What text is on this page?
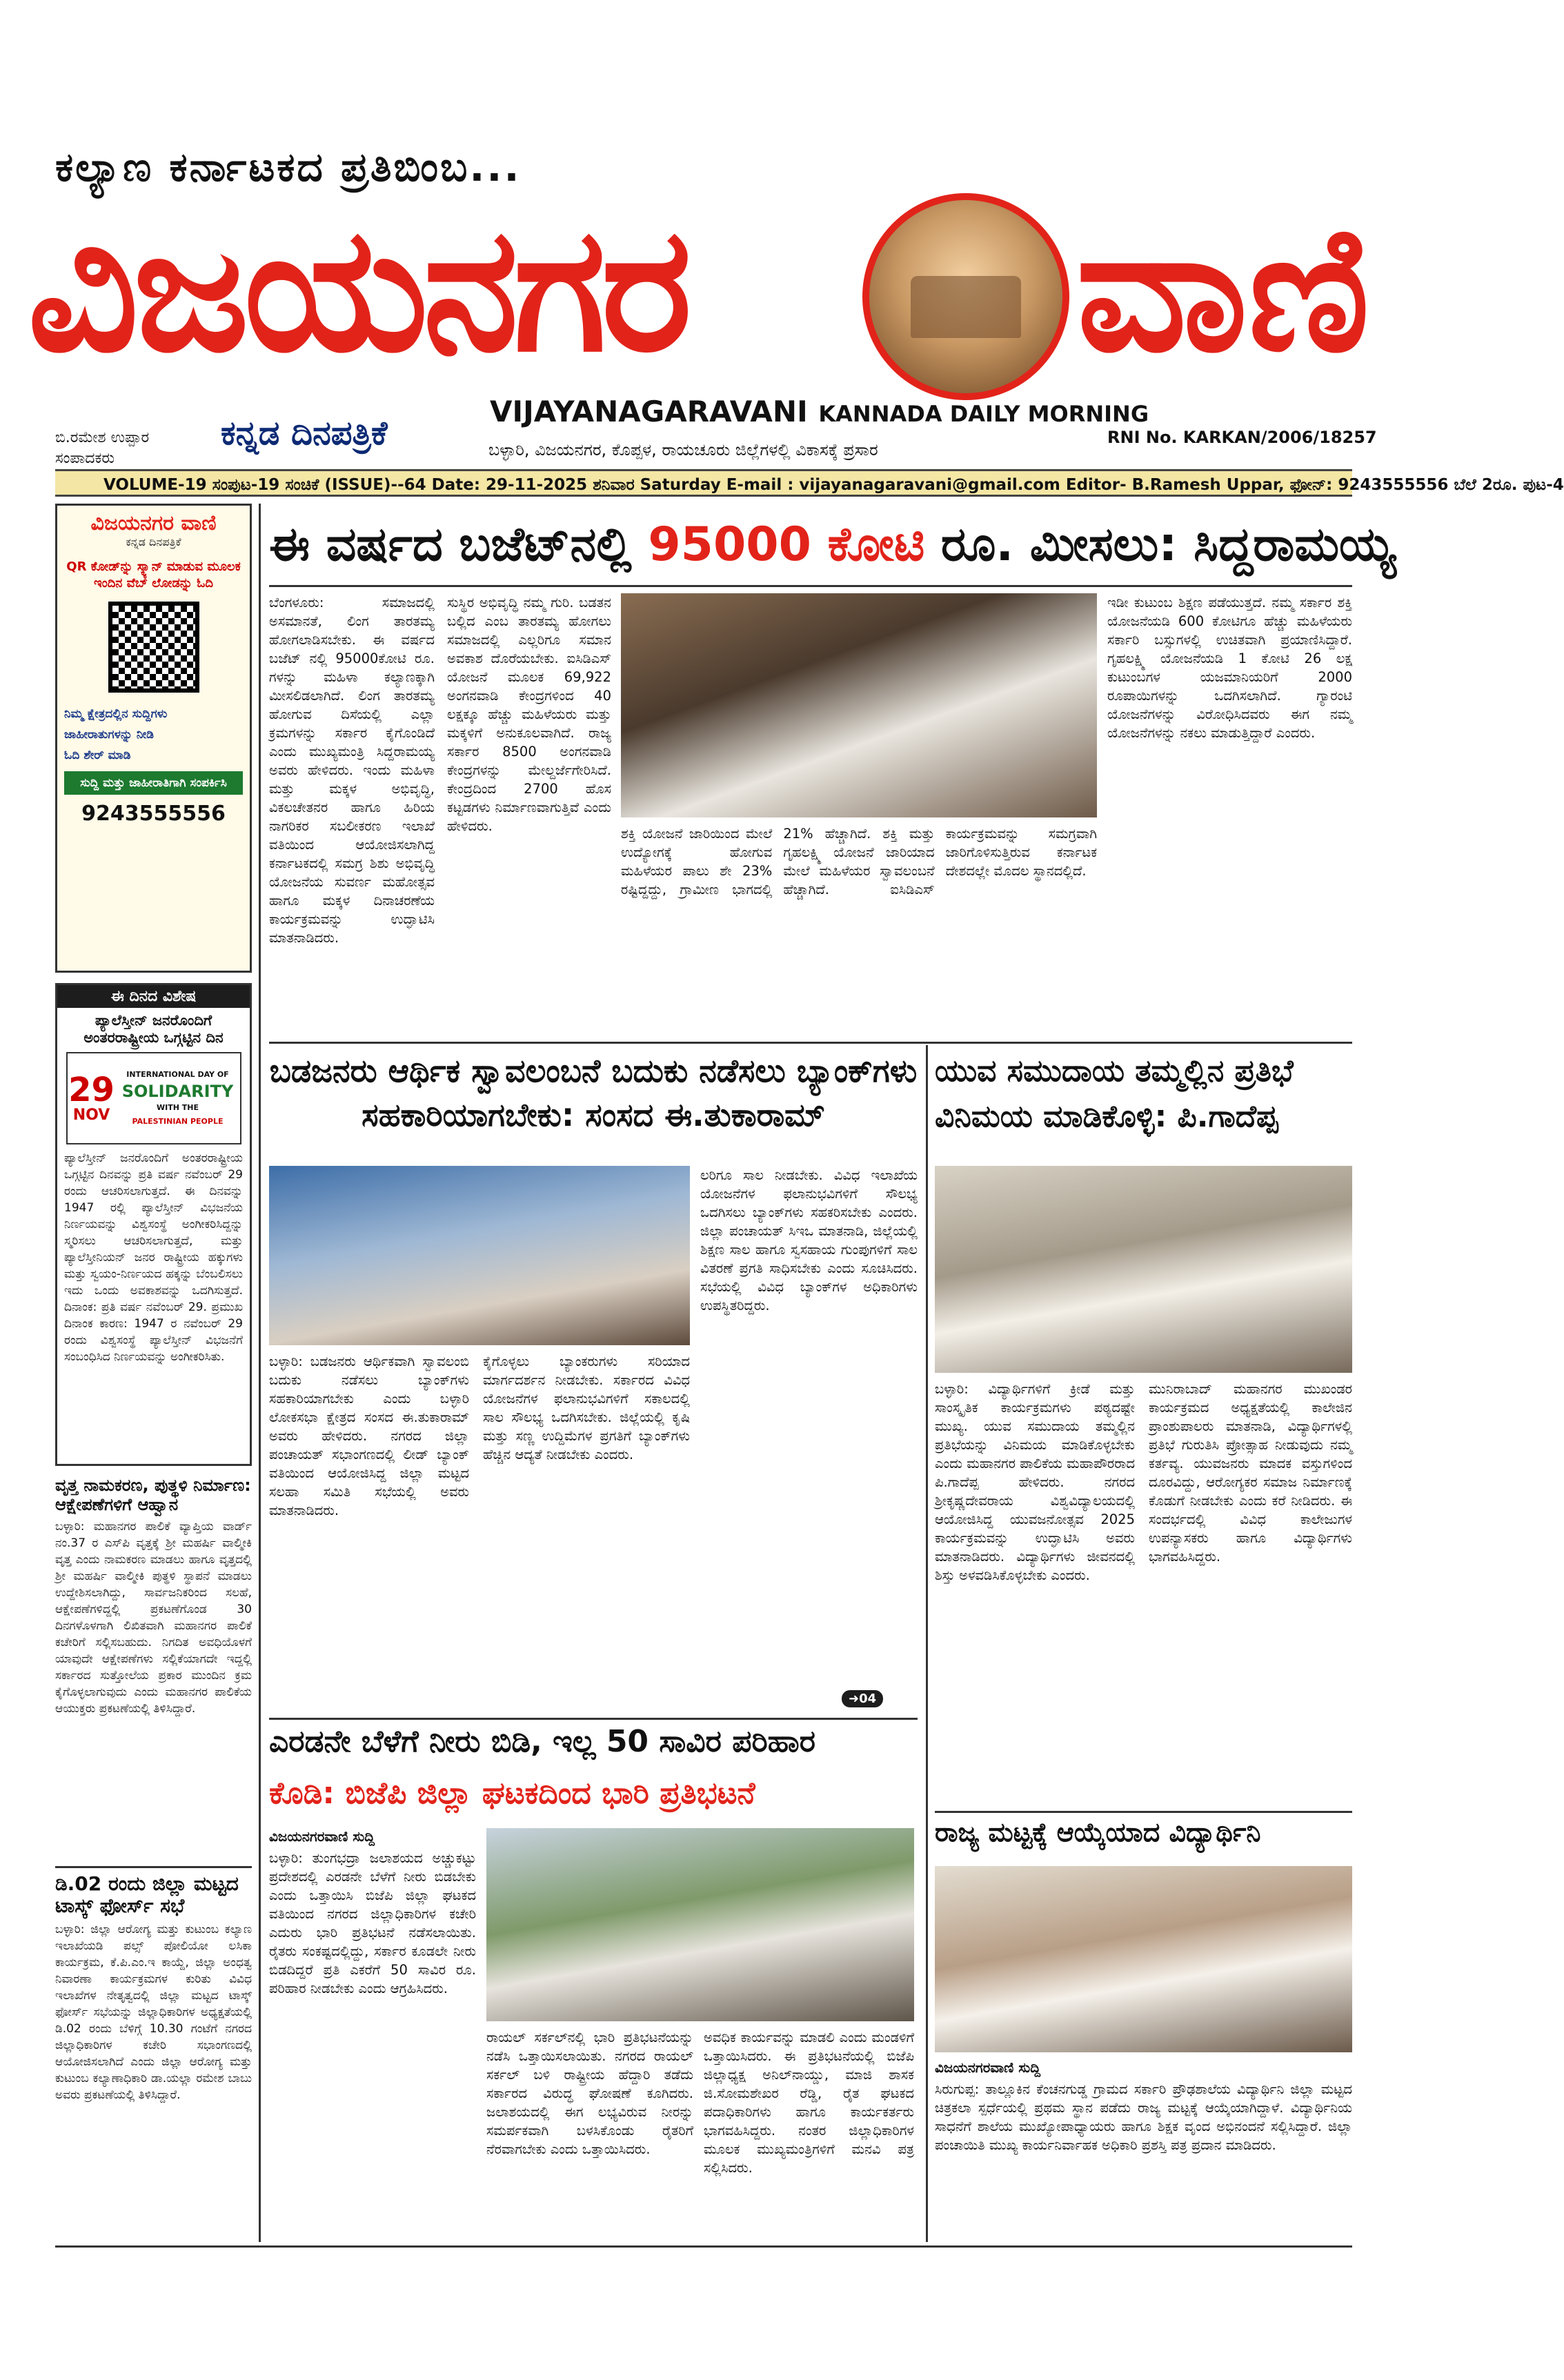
ಕಲ್ಯಾಣ ಕರ್ನಾಟಕದ ಪ್ರತಿಬಿಂಬ...
ವಿಜಯನಗರ	ವಾಣಿ
ಬಿ.ರಮೇಶ ಉಪ್ಪಾರ
ಸಂಪಾದಕರು
ಕನ್ನಡ ದಿನಪತ್ರಿಕೆ
VIJAYANAGARAVANI KANNADA DAILY MORNING
ಬಳ್ಳಾರಿ, ವಿಜಯನಗರ, ಕೊಪ್ಪಳ, ರಾಯಚೂರು ಜಿಲ್ಲೆಗಳಲ್ಲಿ ವಿಕಾಸಕ್ಕೆ ಪ್ರಸಾರ
RNI No. KARKAN/2006/18257
VOLUME-19 ಸಂಪುಟ-19 ಸಂಚಿಕೆ (ISSUE)--64 Date: 29-11-2025 ಶನಿವಾರ Saturday E-mail : vijayanagaravani@gmail.com Editor- B.Ramesh Uppar, ಫೋನ್: 9243555556 ಬೆಲೆ 2ರೂ. ಪುಟ-4
ವಿಜಯನಗರ ವಾಣಿ
ಕನ್ನಡ ದಿನಪತ್ರಿಕೆ
QR ಕೋಡ್‌ನ್ನು ಸ್ಕ್ಯಾನ್ ಮಾಡುವ ಮೂಲಕ ಇಂದಿನ ವೆಬ್ ಲೋಡನ್ನು ಓದಿ
ನಿಮ್ಮ ಕ್ಷೇತ್ರದಲ್ಲಿನ ಸುದ್ದಿಗಳು
ಜಾಹೀರಾತುಗಳನ್ನು ನೀಡಿ
ಓದಿ ಶೇರ್ ಮಾಡಿ
ಸುದ್ದಿ ಮತ್ತು ಜಾಹೀರಾತಿಗಾಗಿ ಸಂಪರ್ಕಿಸಿ
9243555556
ಈ ದಿನದ ವಿಶೇಷ
ಪ್ಯಾಲೆಸ್ತೀನ್ ಜನರೊಂದಿಗೆ
ಅಂತರರಾಷ್ಟ್ರೀಯ ಒಗ್ಗಟ್ಟಿನ ದಿನ
29
NOV
INTERNATIONAL DAY OF
SOLIDARITY
WITH THE
PALESTINIAN PEOPLE
ಪ್ಯಾಲೆಸ್ತೀನ್ ಜನರೊಂದಿಗೆ ಅಂತರರಾಷ್ಟ್ರೀಯ ಒಗ್ಗಟ್ಟಿನ ದಿನವನ್ನು ಪ್ರತಿ ವರ್ಷ ನವೆಂಬರ್ 29 ರಂದು ಆಚರಿಸಲಾಗುತ್ತದೆ. ಈ ದಿನವನ್ನು 1947 ರಲ್ಲಿ ಪ್ಯಾಲೆಸ್ತೀನ್ ವಿಭಜನೆಯ ನಿರ್ಣಯವನ್ನು ವಿಶ್ವಸಂಸ್ಥೆ ಅಂಗೀಕರಿಸಿದ್ದನ್ನು ಸ್ಮರಿಸಲು ಆಚರಿಸಲಾಗುತ್ತದೆ, ಮತ್ತು ಪ್ಯಾಲೆಸ್ತೀನಿಯನ್ ಜನರ ರಾಷ್ಟ್ರೀಯ ಹಕ್ಕುಗಳು ಮತ್ತು ಸ್ವಯಂ-ನಿರ್ಣಯದ ಹಕ್ಕನ್ನು ಬೆಂಬಲಿಸಲು ಇದು ಒಂದು ಅವಕಾಶವನ್ನು ಒದಗಿಸುತ್ತದೆ. ದಿನಾಂಕ: ಪ್ರತಿ ವರ್ಷ ನವೆಂಬರ್ 29. ಪ್ರಮುಖ ದಿನಾಂಕ ಕಾರಣ: 1947 ರ ನವೆಂಬರ್ 29 ರಂದು ವಿಶ್ವಸಂಸ್ಥೆ ಪ್ಯಾಲೆಸ್ತೀನ್ ವಿಭಜನೆಗೆ ಸಂಬಂಧಿಸಿದ ನಿರ್ಣಯವನ್ನು ಅಂಗೀಕರಿಸಿತು.
ವೃತ್ತ ನಾಮಕರಣ, ಪುತ್ಥಳಿ ನಿರ್ಮಾಣ: ಆಕ್ಷೇಪಣೆಗಳಿಗೆ ಆಹ್ವಾನ
ಬಳ್ಳಾರಿ: ಮಹಾನಗರ ಪಾಲಿಕೆ ವ್ಯಾಪ್ತಿಯ ವಾರ್ಡ್ ನಂ.37 ರ ಎಸ್‌ಪಿ ವೃತ್ತಕ್ಕೆ ಶ್ರೀ ಮಹರ್ಷಿ ವಾಲ್ಮೀಕಿ ವೃತ್ತ ಎಂದು ನಾಮಕರಣ ಮಾಡಲು ಹಾಗೂ ವೃತ್ತದಲ್ಲಿ ಶ್ರೀ ಮಹರ್ಷಿ ವಾಲ್ಮೀಕಿ ಪುತ್ಥಳಿ ಸ್ಥಾಪನೆ ಮಾಡಲು ಉದ್ದೇಶಿಸಲಾಗಿದ್ದು, ಸಾರ್ವಜನಿಕರಿಂದ ಸಲಹೆ, ಆಕ್ಷೇಪಣೆಗಳಿದ್ದಲ್ಲಿ ಪ್ರಕಟಣೆಗೊಂಡ 30 ದಿನಗಳೊಳಗಾಗಿ ಲಿಖಿತವಾಗಿ ಮಹಾನಗರ ಪಾಲಿಕೆ ಕಚೇರಿಗೆ ಸಲ್ಲಿಸಬಹುದು. ನಿಗದಿತ ಅವಧಿಯೊಳಗೆ ಯಾವುದೇ ಆಕ್ಷೇಪಣೆಗಳು ಸಲ್ಲಿಕೆಯಾಗದೇ ಇದ್ದಲ್ಲಿ ಸರ್ಕಾರದ ಸುತ್ತೋಲೆಯ ಪ್ರಕಾರ ಮುಂದಿನ ಕ್ರಮ ಕೈಗೊಳ್ಳಲಾಗುವುದು ಎಂದು ಮಹಾನಗರ ಪಾಲಿಕೆಯ ಆಯುಕ್ತರು ಪ್ರಕಟಣೆಯಲ್ಲಿ ತಿಳಿಸಿದ್ದಾರೆ.
ಡಿ.02 ರಂದು ಜಿಲ್ಲಾ ಮಟ್ಟದ ಟಾಸ್ಕ್ ಫೋರ್ಸ್ ಸಭೆ
ಬಳ್ಳಾರಿ: ಜಿಲ್ಲಾ ಆರೋಗ್ಯ ಮತ್ತು ಕುಟುಂಬ ಕಲ್ಯಾಣ ಇಲಾಖೆಯಡಿ ಪಲ್ಸ್ ಪೋಲಿಯೋ ಲಸಿಕಾ ಕಾರ್ಯಕ್ರಮ, ಕೆ.ಪಿ.ಎಂ.ಇ ಕಾಯ್ದೆ, ಜಿಲ್ಲಾ ಅಂಧತ್ವ ನಿವಾರಣಾ ಕಾರ್ಯಕ್ರಮಗಳ ಕುರಿತು ವಿವಿಧ ಇಲಾಖೆಗಳ ನೇತೃತ್ವದಲ್ಲಿ ಜಿಲ್ಲಾ ಮಟ್ಟದ ಟಾಸ್ಕ್ ಫೋರ್ಸ್ ಸಭೆಯನ್ನು ಜಿಲ್ಲಾಧಿಕಾರಿಗಳ ಅಧ್ಯಕ್ಷತೆಯಲ್ಲಿ ಡಿ.02 ರಂದು ಬೆಳಿಗ್ಗೆ 10.30 ಗಂಟೆಗೆ ನಗರದ ಜಿಲ್ಲಾಧಿಕಾರಿಗಳ ಕಚೇರಿ ಸಭಾಂಗಣದಲ್ಲಿ ಆಯೋಜಿಸಲಾಗಿದೆ ಎಂದು ಜಿಲ್ಲಾ ಆರೋಗ್ಯ ಮತ್ತು ಕುಟುಂಬ ಕಲ್ಯಾಣಾಧಿಕಾರಿ ಡಾ.ಯಲ್ಲಾ ರಮೇಶ ಬಾಬು ಅವರು ಪ್ರಕಟಣೆಯಲ್ಲಿ ತಿಳಿಸಿದ್ದಾರೆ.
ಈ ವರ್ಷದ ಬಜೆಟ್‌ನಲ್ಲಿ 95000 ಕೋಟಿ ರೂ. ಮೀಸಲು: ಸಿದ್ದರಾಮಯ್ಯ
ಬೆಂಗಳೂರು: ಸಮಾಜದಲ್ಲಿ ಅಸಮಾನತೆ, ಲಿಂಗ ತಾರತಮ್ಯ ಹೋಗಲಾಡಿಸಬೇಕು. ಈ ವರ್ಷದ ಬಜೆಟ್ ನಲ್ಲಿ 95000ಕೋಟಿ ರೂ. ಗಳನ್ನು ಮಹಿಳಾ ಕಲ್ಯಾಣಕ್ಕಾಗಿ ಮೀಸಲಿಡಲಾಗಿದೆ. ಲಿಂಗ ತಾರತಮ್ಯ ಹೋಗುವ ದಿಸೆಯಲ್ಲಿ ಎಲ್ಲಾ ಕ್ರಮಗಳನ್ನು ಸರ್ಕಾರ ಕೈಗೊಂಡಿದೆ ಎಂದು ಮುಖ್ಯಮಂತ್ರಿ ಸಿದ್ದರಾಮಯ್ಯ ಅವರು ಹೇಳಿದರು. ಇಂದು ಮಹಿಳಾ ಮತ್ತು ಮಕ್ಕಳ ಅಭಿವೃದ್ಧಿ, ವಿಕಲಚೇತನರ ಹಾಗೂ ಹಿರಿಯ ನಾಗರಿಕರ ಸಬಲೀಕರಣ ಇಲಾಖೆ ವತಿಯಿಂದ ಆಯೋಜಿಸಲಾಗಿದ್ದ ಕರ್ನಾಟಕದಲ್ಲಿ ಸಮಗ್ರ ಶಿಶು ಅಭಿವೃದ್ಧಿ ಯೋಜನೆಯ ಸುವರ್ಣ ಮಹೋತ್ಸವ ಹಾಗೂ ಮಕ್ಕಳ ದಿನಾಚರಣೆಯ ಕಾರ್ಯಕ್ರಮವನ್ನು ಉದ್ಘಾಟಿಸಿ ಮಾತನಾಡಿದರು.
ಸುಸ್ಥಿರ ಅಭಿವೃದ್ಧಿ ನಮ್ಮ ಗುರಿ. ಬಡತನ ಬಲ್ಲಿದ ಎಂಬ ತಾರತಮ್ಯ ಹೋಗಲು ಸಮಾಜದಲ್ಲಿ ಎಲ್ಲರಿಗೂ ಸಮಾನ ಅವಕಾಶ ದೊರೆಯಬೇಕು. ಐಸಿಡಿಎಸ್ ಯೋಜನೆ ಮೂಲಕ 69,922 ಅಂಗನವಾಡಿ ಕೇಂದ್ರಗಳಿಂದ 40 ಲಕ್ಷಕ್ಕೂ ಹೆಚ್ಚು ಮಹಿಳೆಯರು ಮತ್ತು ಮಕ್ಕಳಿಗೆ ಅನುಕೂಲವಾಗಿದೆ. ರಾಜ್ಯ ಸರ್ಕಾರ 8500 ಅಂಗನವಾಡಿ ಕೇಂದ್ರಗಳನ್ನು ಮೇಲ್ದರ್ಜೆಗೇರಿಸಿದೆ. ಕೇಂದ್ರದಿಂದ 2700 ಹೊಸ ಕಟ್ಟಡಗಳು ನಿರ್ಮಾಣವಾಗುತ್ತಿವೆ ಎಂದು ಹೇಳಿದರು.	ಶಕ್ತಿ ಯೋಜನೆ ಜಾರಿಯಿಂದ ಮೇಲೆ ಉದ್ಯೋಗಕ್ಕೆ ಹೋಗುವ ಮಹಿಳೆಯರ ಪಾಲು ಶೇ 23% ರಷ್ಟಿದ್ದದ್ದು, ಗ್ರಾಮೀಣ ಭಾಗದಲ್ಲಿ 21% ಹೆಚ್ಚಾಗಿದೆ. ಶಕ್ತಿ ಮತ್ತು ಗೃಹಲಕ್ಷ್ಮಿ ಯೋಜನೆ ಜಾರಿಯಾದ ಮೇಲೆ ಮಹಿಳೆಯರ ಸ್ವಾವಲಂಬನೆ ಹೆಚ್ಚಾಗಿದೆ. ಐಸಿಡಿಎಸ್ ಕಾರ್ಯಕ್ರಮವನ್ನು ಸಮಗ್ರವಾಗಿ ಜಾರಿಗೊಳಿಸುತ್ತಿರುವ ಕರ್ನಾಟಕ ದೇಶದಲ್ಲೇ ಮೊದಲ ಸ್ಥಾನದಲ್ಲಿದೆ.
ಇಡೀ ಕುಟುಂಬ ಶಿಕ್ಷಣ ಪಡೆಯುತ್ತದೆ. ನಮ್ಮ ಸರ್ಕಾರ ಶಕ್ತಿ ಯೋಜನೆಯಡಿ 600 ಕೋಟಿಗೂ ಹೆಚ್ಚು ಮಹಿಳೆಯರು ಸರ್ಕಾರಿ ಬಸ್ಸುಗಳಲ್ಲಿ ಉಚಿತವಾಗಿ ಪ್ರಯಾಣಿಸಿದ್ದಾರೆ. ಗೃಹಲಕ್ಷ್ಮಿ ಯೋಜನೆಯಡಿ 1 ಕೋಟಿ 26 ಲಕ್ಷ ಕುಟುಂಬಗಳ ಯಜಮಾನಿಯರಿಗೆ 2000 ರೂಪಾಯಿಗಳನ್ನು ಒದಗಿಸಲಾಗಿದೆ. ಗ್ಯಾರಂಟಿ ಯೋಜನೆಗಳನ್ನು ವಿರೋಧಿಸಿದವರು ಈಗ ನಮ್ಮ ಯೋಜನೆಗಳನ್ನು ನಕಲು ಮಾಡುತ್ತಿದ್ದಾರೆ ಎಂದರು.
ಬಡಜನರು ಆರ್ಥಿಕ ಸ್ವಾವಲಂಬನೆ ಬದುಕು ನಡೆಸಲು ಬ್ಯಾಂಕ್‌ಗಳು ಸಹಕಾರಿಯಾಗಬೇಕು: ಸಂಸದ ಈ.ತುಕಾರಾಮ್
ಬಳ್ಳಾರಿ: ಬಡಜನರು ಆರ್ಥಿಕವಾಗಿ ಸ್ವಾವಲಂಬಿ ಬದುಕು ನಡೆಸಲು ಬ್ಯಾಂಕ್‌ಗಳು ಸಹಕಾರಿಯಾಗಬೇಕು ಎಂದು ಬಳ್ಳಾರಿ ಲೋಕಸಭಾ ಕ್ಷೇತ್ರದ ಸಂಸದ ಈ.ತುಕಾರಾಮ್ ಅವರು ಹೇಳಿದರು. ನಗರದ ಜಿಲ್ಲಾ ಪಂಚಾಯತ್ ಸಭಾಂಗಣದಲ್ಲಿ ಲೀಡ್ ಬ್ಯಾಂಕ್ ವತಿಯಿಂದ ಆಯೋಜಿಸಿದ್ದ ಜಿಲ್ಲಾ ಮಟ್ಟದ ಸಲಹಾ ಸಮಿತಿ ಸಭೆಯಲ್ಲಿ ಅವರು ಮಾತನಾಡಿದರು.
ಕೈಗೊಳ್ಳಲು ಬ್ಯಾಂಕರುಗಳು ಸರಿಯಾದ ಮಾರ್ಗದರ್ಶನ ನೀಡಬೇಕು. ಸರ್ಕಾರದ ವಿವಿಧ ಯೋಜನೆಗಳ ಫಲಾನುಭವಿಗಳಿಗೆ ಸಕಾಲದಲ್ಲಿ ಸಾಲ ಸೌಲಭ್ಯ ಒದಗಿಸಬೇಕು. ಜಿಲ್ಲೆಯಲ್ಲಿ ಕೃಷಿ ಮತ್ತು ಸಣ್ಣ ಉದ್ದಿಮೆಗಳ ಪ್ರಗತಿಗೆ ಬ್ಯಾಂಕ್‌ಗಳು ಹೆಚ್ಚಿನ ಆದ್ಯತೆ ನೀಡಬೇಕು ಎಂದರು.
ಲರಿಗೂ ಸಾಲ ನೀಡಬೇಕು. ವಿವಿಧ ಇಲಾಖೆಯ ಯೋಜನೆಗಳ ಫಲಾನುಭವಿಗಳಿಗೆ ಸೌಲಭ್ಯ ಒದಗಿಸಲು ಬ್ಯಾಂಕ್‌ಗಳು ಸಹಕರಿಸಬೇಕು ಎಂದರು. ಜಿಲ್ಲಾ ಪಂಚಾಯತ್ ಸಿಇಒ ಮಾತನಾಡಿ, ಜಿಲ್ಲೆಯಲ್ಲಿ ಶಿಕ್ಷಣ ಸಾಲ ಹಾಗೂ ಸ್ವಸಹಾಯ ಗುಂಪುಗಳಿಗೆ ಸಾಲ ವಿತರಣೆ ಪ್ರಗತಿ ಸಾಧಿಸಬೇಕು ಎಂದು ಸೂಚಿಸಿದರು. ಸಭೆಯಲ್ಲಿ ವಿವಿಧ ಬ್ಯಾಂಕ್‌ಗಳ ಅಧಿಕಾರಿಗಳು ಉಪಸ್ಥಿತರಿದ್ದರು.
➜04
ಯುವ ಸಮುದಾಯ ತಮ್ಮಲ್ಲಿನ ಪ್ರತಿಭೆ ವಿನಿಮಯ ಮಾಡಿಕೊಳ್ಳಿ: ಪಿ.ಗಾದೆಪ್ಪ
ಬಳ್ಳಾರಿ: ವಿದ್ಯಾರ್ಥಿಗಳಿಗೆ ಕ್ರೀಡೆ ಮತ್ತು ಸಾಂಸ್ಕೃತಿಕ ಕಾರ್ಯಕ್ರಮಗಳು ಪಠ್ಯದಷ್ಟೇ ಮುಖ್ಯ. ಯುವ ಸಮುದಾಯ ತಮ್ಮಲ್ಲಿನ ಪ್ರತಿಭೆಯನ್ನು ವಿನಿಮಯ ಮಾಡಿಕೊಳ್ಳಬೇಕು ಎಂದು ಮಹಾನಗರ ಪಾಲಿಕೆಯ ಮಹಾಪೌರರಾದ ಪಿ.ಗಾದೆಪ್ಪ ಹೇಳಿದರು. ನಗರದ ಶ್ರೀಕೃಷ್ಣದೇವರಾಯ ವಿಶ್ವವಿದ್ಯಾಲಯದಲ್ಲಿ ಆಯೋಜಿಸಿದ್ದ ಯುವಜನೋತ್ಸವ 2025 ಕಾರ್ಯಕ್ರಮವನ್ನು ಉದ್ಘಾಟಿಸಿ ಅವರು ಮಾತನಾಡಿದರು. ವಿದ್ಯಾರ್ಥಿಗಳು ಜೀವನದಲ್ಲಿ ಶಿಸ್ತು ಅಳವಡಿಸಿಕೊಳ್ಳಬೇಕು ಎಂದರು.
ಮುನಿರಾಬಾದ್ ಮಹಾನಗರ ಮುಖಂಡರ ಕಾರ್ಯಕ್ರಮದ ಅಧ್ಯಕ್ಷತೆಯಲ್ಲಿ ಕಾಲೇಜಿನ ಪ್ರಾಂಶುಪಾಲರು ಮಾತನಾಡಿ, ವಿದ್ಯಾರ್ಥಿಗಳಲ್ಲಿ ಪ್ರತಿಭೆ ಗುರುತಿಸಿ ಪ್ರೋತ್ಸಾಹ ನೀಡುವುದು ನಮ್ಮ ಕರ್ತವ್ಯ. ಯುವಜನರು ಮಾದಕ ವಸ್ತುಗಳಿಂದ ದೂರವಿದ್ದು, ಆರೋಗ್ಯಕರ ಸಮಾಜ ನಿರ್ಮಾಣಕ್ಕೆ ಕೊಡುಗೆ ನೀಡಬೇಕು ಎಂದು ಕರೆ ನೀಡಿದರು. ಈ ಸಂದರ್ಭದಲ್ಲಿ ವಿವಿಧ ಕಾಲೇಜುಗಳ ಉಪನ್ಯಾಸಕರು ಹಾಗೂ ವಿದ್ಯಾರ್ಥಿಗಳು ಭಾಗವಹಿಸಿದ್ದರು.
ರಾಜ್ಯ ಮಟ್ಟಕ್ಕೆ ಆಯ್ಕೆಯಾದ ವಿದ್ಯಾರ್ಥಿನಿ
ವಿಜಯನಗರವಾಣಿ ಸುದ್ದಿ
ಸಿರುಗುಪ್ಪ: ತಾಲ್ಲೂಕಿನ ಕೆಂಚನಗುಡ್ಡ ಗ್ರಾಮದ ಸರ್ಕಾರಿ ಪ್ರೌಢಶಾಲೆಯ ವಿದ್ಯಾರ್ಥಿನಿ ಜಿಲ್ಲಾ ಮಟ್ಟದ ಚಿತ್ರಕಲಾ ಸ್ಪರ್ಧೆಯಲ್ಲಿ ಪ್ರಥಮ ಸ್ಥಾನ ಪಡೆದು ರಾಜ್ಯ ಮಟ್ಟಕ್ಕೆ ಆಯ್ಕೆಯಾಗಿದ್ದಾಳೆ. ವಿದ್ಯಾರ್ಥಿನಿಯ ಸಾಧನೆಗೆ ಶಾಲೆಯ ಮುಖ್ಯೋಪಾಧ್ಯಾಯರು ಹಾಗೂ ಶಿಕ್ಷಕ ವೃಂದ ಅಭಿನಂದನೆ ಸಲ್ಲಿಸಿದ್ದಾರೆ. ಜಿಲ್ಲಾ ಪಂಚಾಯಿತಿ ಮುಖ್ಯ ಕಾರ್ಯನಿರ್ವಾಹಕ ಅಧಿಕಾರಿ ಪ್ರಶಸ್ತಿ ಪತ್ರ ಪ್ರದಾನ ಮಾಡಿದರು.
ಎರಡನೇ ಬೆಳೆಗೆ ನೀರು ಬಿಡಿ, ಇಲ್ಲ 50 ಸಾವಿರ ಪರಿಹಾರ
ಕೊಡಿ: ಬಿಜೆಪಿ ಜಿಲ್ಲಾ ಘಟಕದಿಂದ ಭಾರಿ ಪ್ರತಿಭಟನೆ
ವಿಜಯನಗರವಾಣಿ ಸುದ್ದಿ
ಬಳ್ಳಾರಿ: ತುಂಗಭದ್ರಾ ಜಲಾಶಯದ ಅಚ್ಚುಕಟ್ಟು ಪ್ರದೇಶದಲ್ಲಿ ಎರಡನೇ ಬೆಳೆಗೆ ನೀರು ಬಿಡಬೇಕು ಎಂದು ಒತ್ತಾಯಿಸಿ ಬಿಜೆಪಿ ಜಿಲ್ಲಾ ಘಟಕದ ವತಿಯಿಂದ ನಗರದ ಜಿಲ್ಲಾಧಿಕಾರಿಗಳ ಕಚೇರಿ ಎದುರು ಭಾರಿ ಪ್ರತಿಭಟನೆ ನಡೆಸಲಾಯಿತು. ರೈತರು ಸಂಕಷ್ಟದಲ್ಲಿದ್ದು, ಸರ್ಕಾರ ಕೂಡಲೇ ನೀರು ಬಿಡದಿದ್ದರೆ ಪ್ರತಿ ಎಕರೆಗೆ 50 ಸಾವಿರ ರೂ. ಪರಿಹಾರ ನೀಡಬೇಕು ಎಂದು ಆಗ್ರಹಿಸಿದರು.
ರಾಯಲ್ ಸರ್ಕಲ್‌ನಲ್ಲಿ ಭಾರಿ ಪ್ರತಿಭಟನೆಯನ್ನು ನಡೆಸಿ ಒತ್ತಾಯಿಸಲಾಯಿತು. ನಗರದ ರಾಯಲ್ ಸರ್ಕಲ್ ಬಳಿ ರಾಷ್ಟ್ರೀಯ ಹೆದ್ದಾರಿ ತಡೆದು ಸರ್ಕಾರದ ವಿರುದ್ಧ ಘೋಷಣೆ ಕೂಗಿದರು. ಜಲಾಶಯದಲ್ಲಿ ಈಗ ಲಭ್ಯವಿರುವ ನೀರನ್ನು ಸಮರ್ಪಕವಾಗಿ ಬಳಸಿಕೊಂಡು ರೈತರಿಗೆ ನೆರವಾಗಬೇಕು ಎಂದು ಒತ್ತಾಯಿಸಿದರು.
ಅವಧಿಕ ಕಾರ್ಯವನ್ನು ಮಾಡಲಿ ಎಂದು ಮಂಡಳಿಗೆ ಒತ್ತಾಯಿಸಿದರು. ಈ ಪ್ರತಿಭಟನೆಯಲ್ಲಿ ಬಿಜೆಪಿ ಜಿಲ್ಲಾಧ್ಯಕ್ಷ ಅನಿಲ್‌ನಾಯ್ಡು, ಮಾಜಿ ಶಾಸಕ ಜಿ.ಸೋಮಶೇಖರ ರೆಡ್ಡಿ, ರೈತ ಘಟಕದ ಪದಾಧಿಕಾರಿಗಳು ಹಾಗೂ ಕಾರ್ಯಕರ್ತರು ಭಾಗವಹಿಸಿದ್ದರು. ನಂತರ ಜಿಲ್ಲಾಧಿಕಾರಿಗಳ ಮೂಲಕ ಮುಖ್ಯಮಂತ್ರಿಗಳಿಗೆ ಮನವಿ ಪತ್ರ ಸಲ್ಲಿಸಿದರು.
